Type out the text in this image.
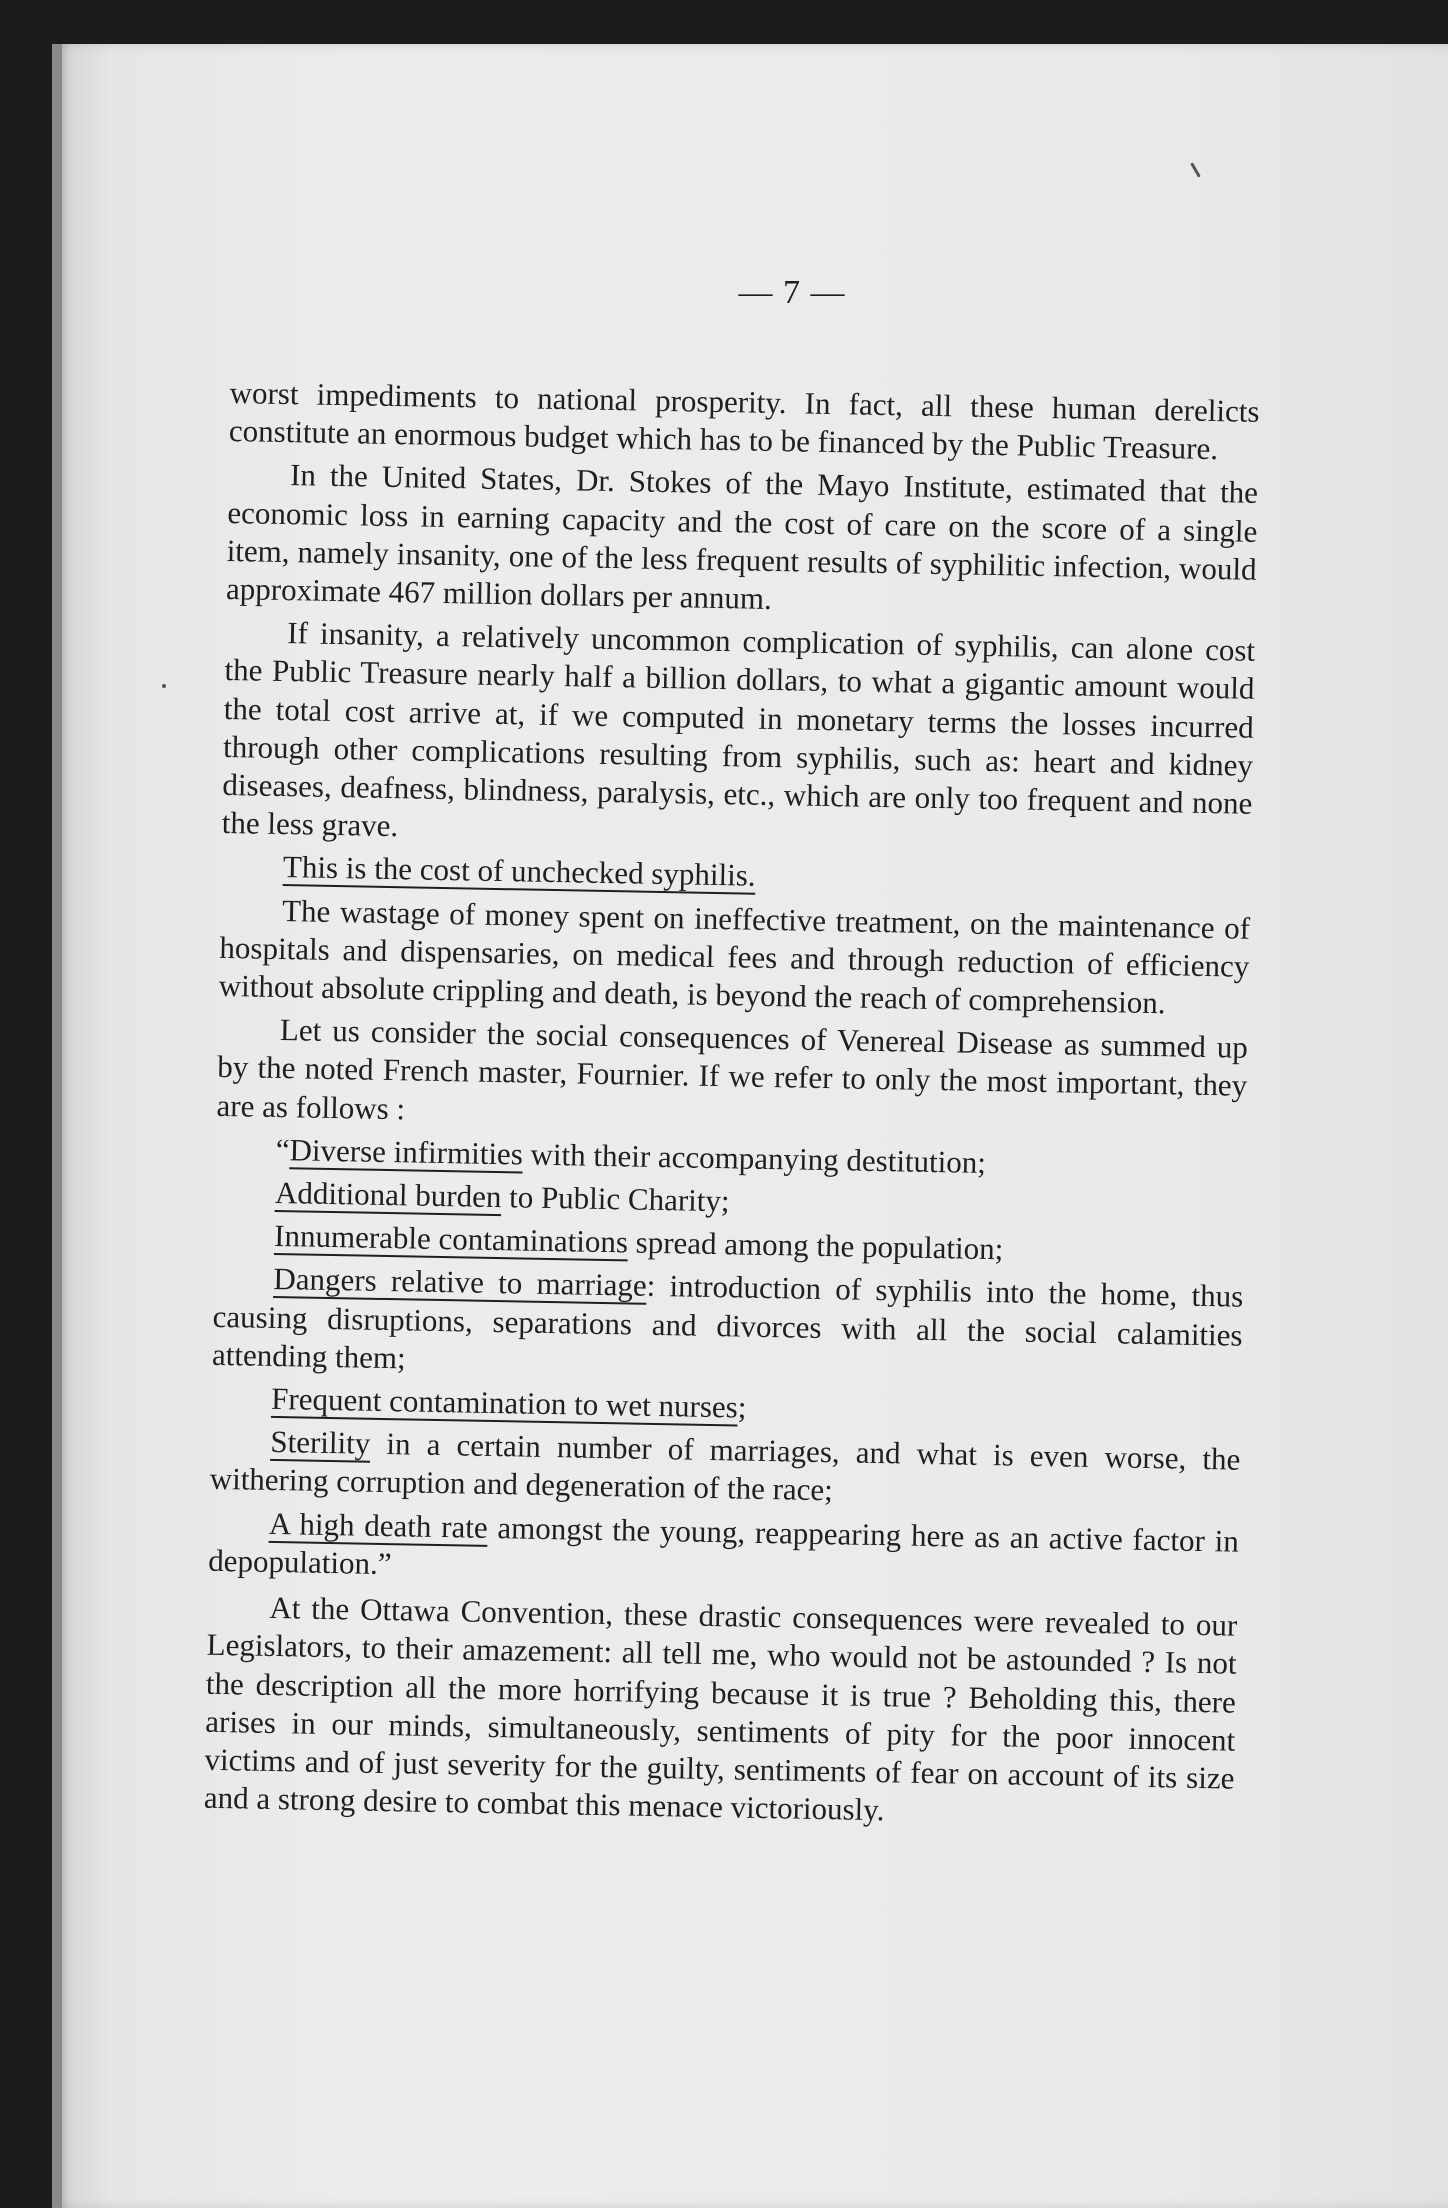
— 7 —

worst impediments to national prosperity. In fact, all these human derelicts constitute an enormous budget which has to be financed by the Public Treasure.

In the United States, Dr. Stokes of the Mayo Institute, estimated that the economic loss in earning capacity and the cost of care on the score of a single item, namely insanity, one of the less frequent results of syphilitic infection, would approximate 467 million dollars per annum.

If insanity, a relatively uncommon complication of syphilis, can alone cost the Public Treasure nearly half a billion dollars, to what a gigantic amount would the total cost arrive at, if we computed in monetary terms the losses incurred through other complications resulting from syphilis, such as: heart and kidney diseases, deafness, blindness, paralysis, etc., which are only too frequent and none the less grave.

This is the cost of unchecked syphilis.

The wastage of money spent on ineffective treatment, on the maintenance of hospitals and dispensaries, on medical fees and through reduction of efficiency without absolute crippling and death, is beyond the reach of comprehension.

Let us consider the social consequences of Venereal Disease as summed up by the noted French master, Fournier. If we refer to only the most important, they are as follows :

“Diverse infirmities with their accompanying destitution;

Additional burden to Public Charity;

Innumerable contaminations spread among the population;

Dangers relative to marriage: introduction of syphilis into the home, thus causing disruptions, separations and divorces with all the social calamities attending them;

Frequent contamination to wet nurses;

Sterility in a certain number of marriages, and what is even worse, the withering corruption and degeneration of the race;

A high death rate amongst the young, reappearing here as an active factor in depopulation.”

At the Ottawa Convention, these drastic consequences were revealed to our Legislators, to their amazement: all tell me, who would not be astounded ? Is not the description all the more horrifying because it is true ? Beholding this, there arises in our minds, simultaneously, sentiments of pity for the poor innocent victims and of just severity for the guilty, sentiments of fear on account of its size and a strong desire to combat this menace victoriously.
